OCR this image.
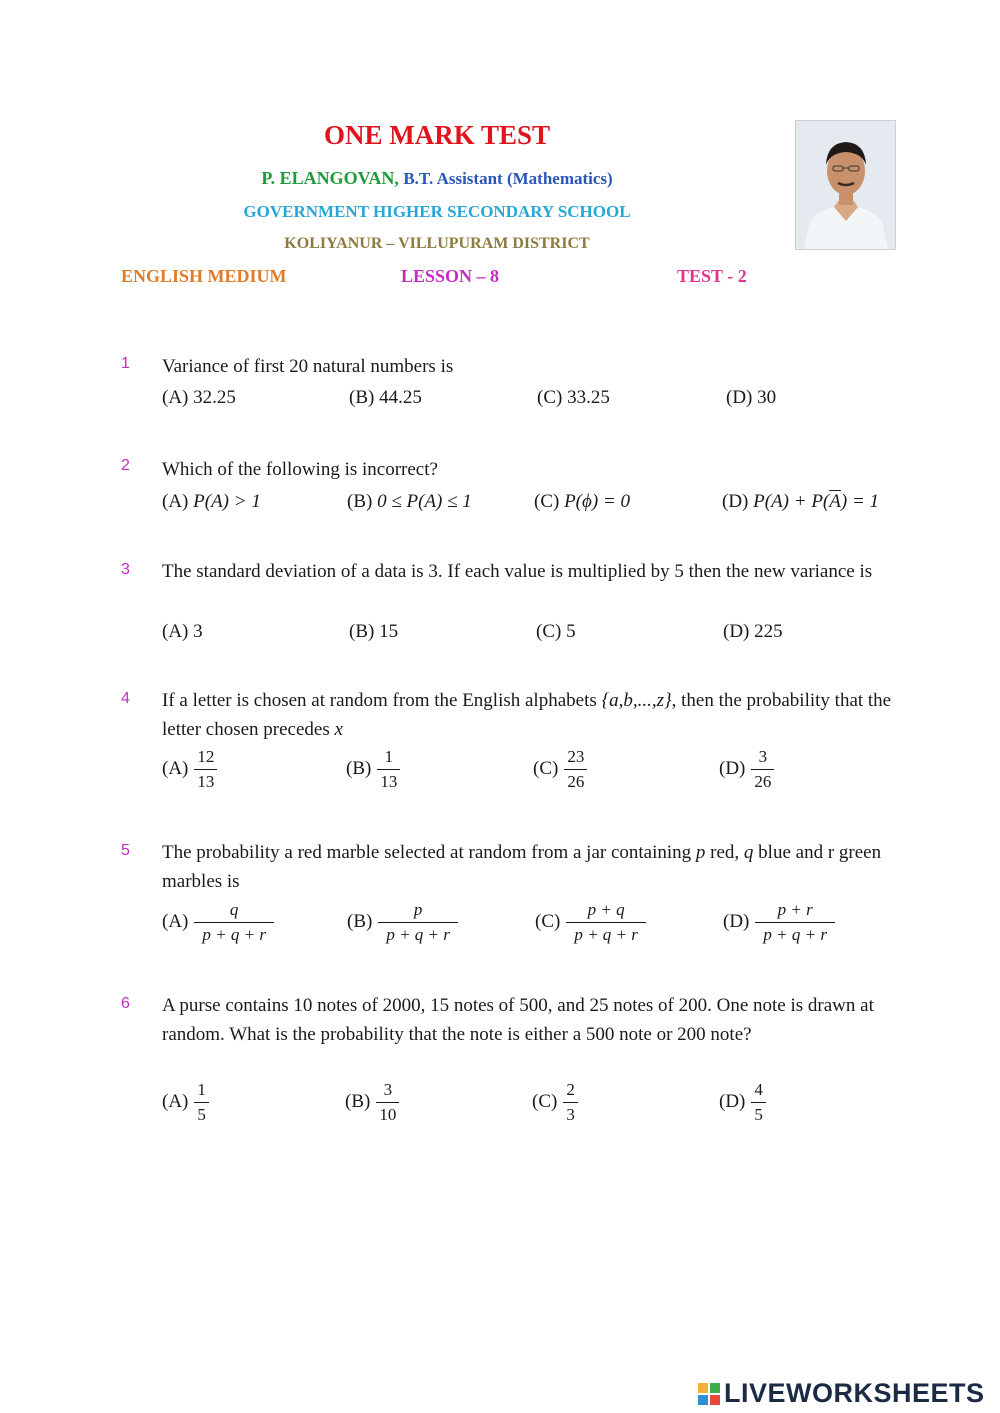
ONE MARK TEST
P. ELANGOVAN, B.T. Assistant (Mathematics)
GOVERNMENT HIGHER SECONDARY SCHOOL
KOLIYANUR – VILLUPURAM DISTRICT
ENGLISH MEDIUM	LESSON – 8	TEST - 2
1 Variance of first 20 natural numbers is
(A) 32.25	(B) 44.25	(C) 33.25	(D) 30
2 Which of the following is incorrect?
(A) P(A) > 1	(B) 0 ≤ P(A) ≤ 1	(C) P(ϕ) = 0	(D) $P(A) + P(\overline{A}) = 1$
3 The standard deviation of a data is 3. If each value is multiplied by 5 then the new variance is
(A) 3	(B) 15	(C) 5	(D) 225
4 If a letter is chosen at random from the English alphabets {a,b,...,z}, then the probability that the letter chosen precedes x
$(A) \frac{12}{13}$	$(B) \frac{1}{13}$	$(C) \frac{23}{26}$	$(D) \frac{3}{26}$
5 The probability a red marble selected at random from a jar containing p red, q blue and r green marbles is
$(A) \frac{q}{p + q + r}$	$(B) \frac{p}{p + q + r}$	$(C) \frac{p + q}{p + q + r}$	$(D) \frac{p + r}{p + q + r}$
6 A purse contains 10 notes of 2000, 15 notes of 500, and 25 notes of 200. One note is drawn at random. What is the probability that the note is either a 500 note or 200 note?
$(A) \frac{1}{5}$	$(B) \frac{3}{10}$	$(C) \frac{2}{3}$	$(D) \frac{4}{5}$
LIVEWORKSHEETS
